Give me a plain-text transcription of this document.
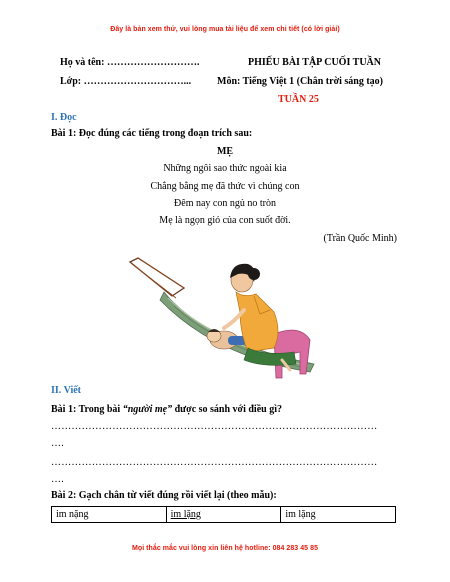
Đây là bản xem thử, vui lòng mua tài liệu để xem chi tiết (có lời giải)
Họ và tên: ……………………….	PHIẾU BÀI TẬP CUỐI TUẦN
Lớp: …………………………...	Môn: Tiếng Việt 1 (Chân trời sáng tạo)
TUẦN 25
I. Đọc
Bài 1: Đọc đúng các tiếng trong đoạn trích sau:
MẸ
Những ngôi sao thức ngoài kia
Chẳng bằng mẹ đã thức vì chúng con
Đêm nay con ngủ no tròn
Mẹ là ngọn gió của con suốt đời.
(Trần Quốc Minh)
II. Viết
Bài 1: Trong bài “người mẹ” được so sánh với điều gì?
……………………………………………………………………………………
….
……………………………………………………………………………………
….
Bài 2: Gạch chân từ viết đúng rồi viết lại (theo mẫu):
im nặng	im lặng	im lặng
Mọi thắc mắc vui lòng xin liên hệ hotline: 084 283 45 85
